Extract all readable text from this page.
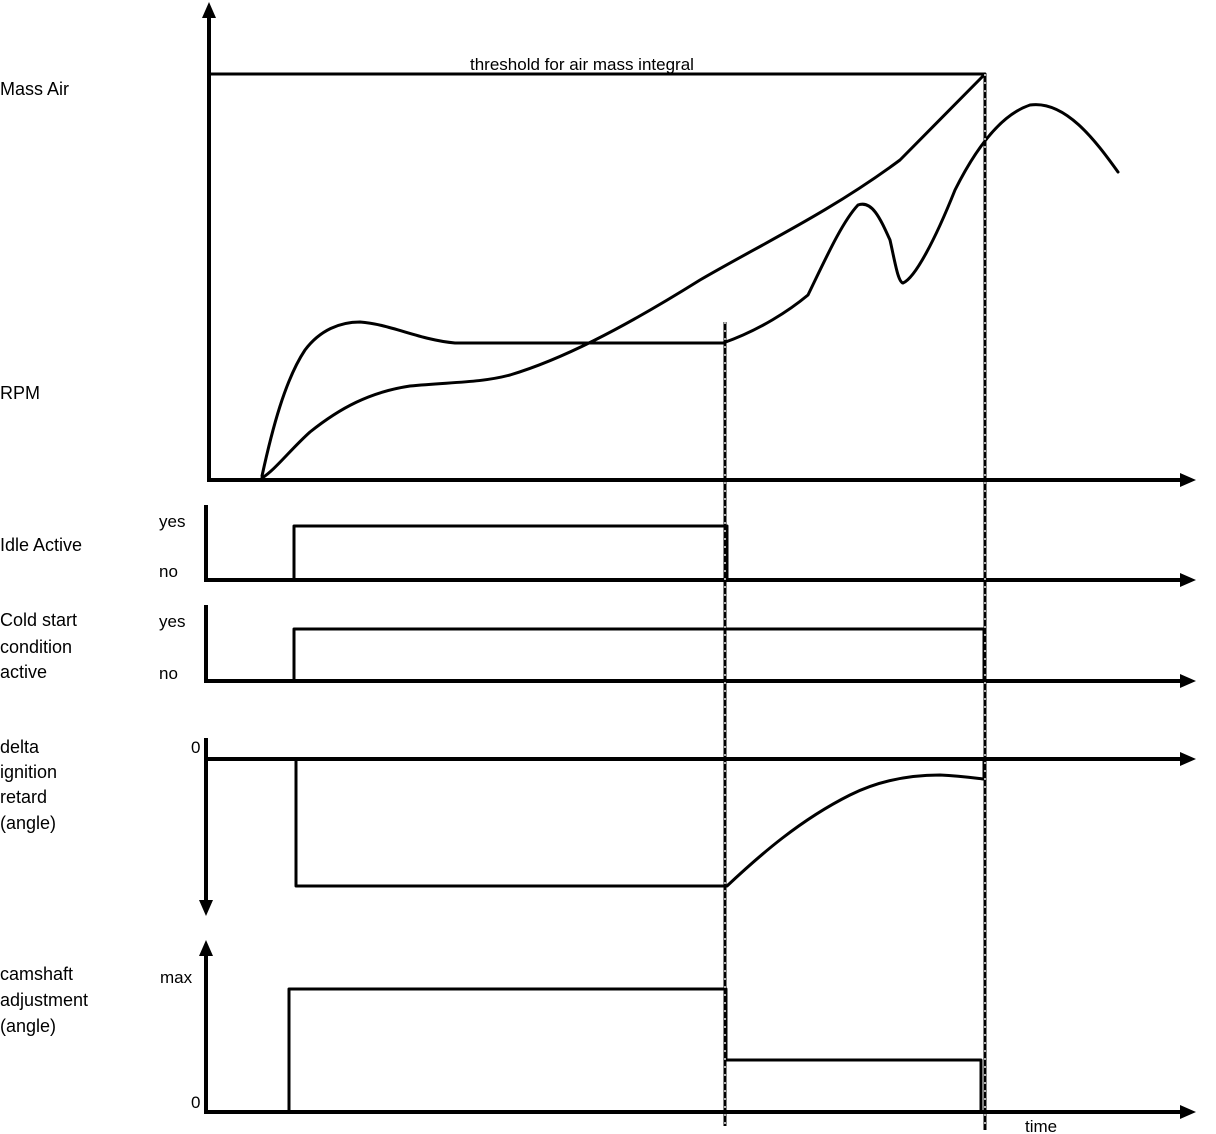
Mass Air
RPM
Idle Active
Cold start
condition
active
delta
ignition
retard
(angle)
camshaft
adjustment
(angle)
yes
no
yes
no
0
max
0
threshold for air mass integral
time
